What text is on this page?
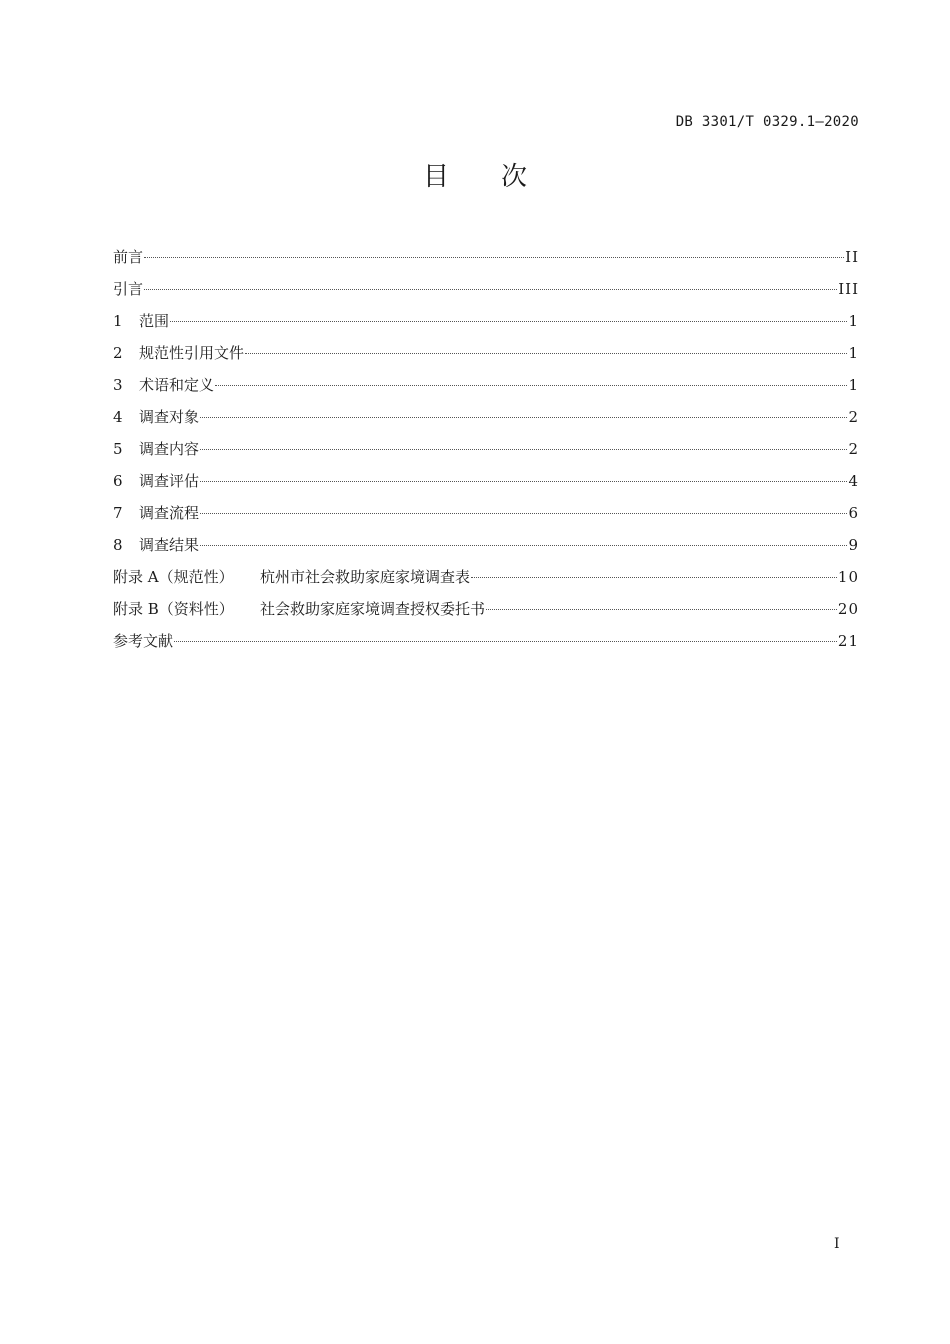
DB 3301/T 0329.1—2020
目次
前言	II
引言	III
1 范围	1
2 规范性引用文件	1
3 术语和定义	1
4 调查对象	2
5 调查内容	2
6 调查评估	4
7 调查流程	6
8 调查结果	9
附录 A（规范性） 杭州市社会救助家庭家境调查表	10
附录 B（资料性） 社会救助家庭家境调查授权委托书	20
参考文献	21
I
